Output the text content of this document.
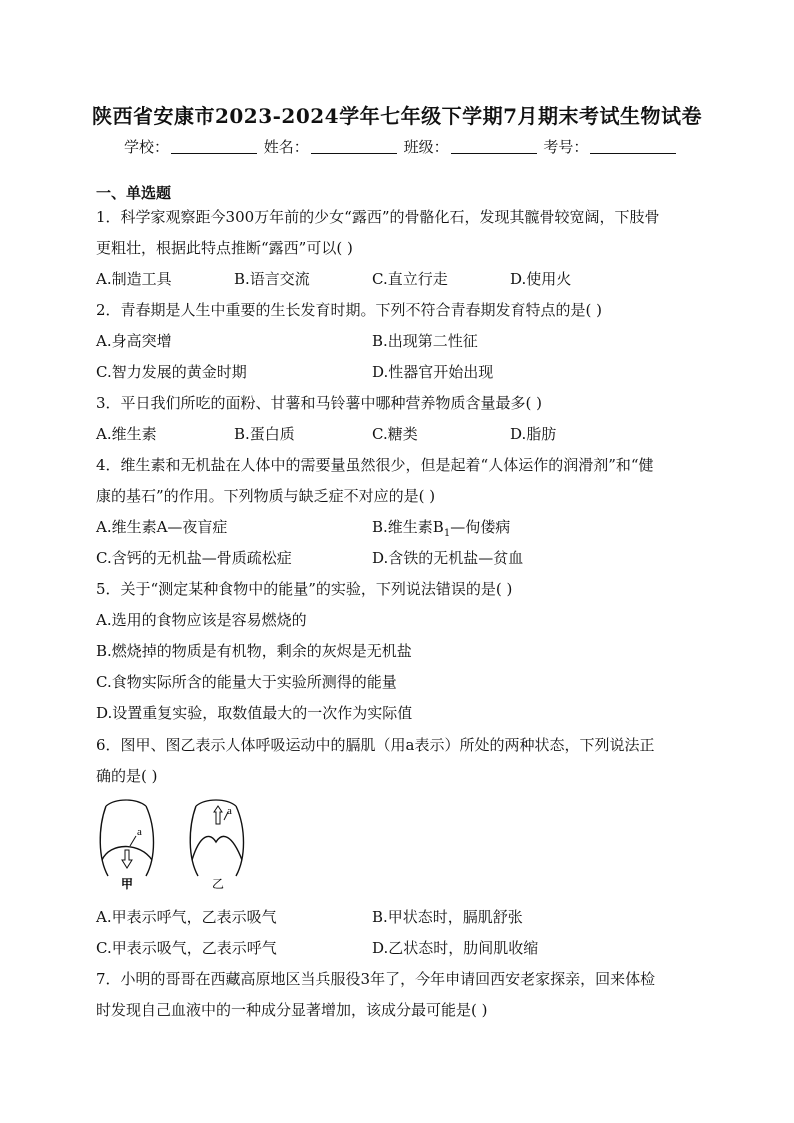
陕西省安康市2023-2024学年七年级下学期7月期末考试生物试卷
学校：	姓名：	班级：	考号：
一、单选题
1．科学家观察距今300万年前的少女“露西”的骨骼化石，发现其髋骨较宽阔，下肢骨
更粗壮，根据此特点推断“露西”可以( )
A.制造工具	B.语言交流	C.直立行走	D.使用火
2．青春期是人生中重要的生长发育时期。下列不符合青春期发育特点的是( )
A.身高突增	B.出现第二性征
C.智力发展的黄金时期	D.性器官开始出现
3．平日我们所吃的面粉、甘薯和马铃薯中哪种营养物质含量最多( )
A.维生素	B.蛋白质	C.糖类	D.脂肪
4．维生素和无机盐在人体中的需要量虽然很少，但是起着“人体运作的润滑剂”和“健
康的基石”的作用。下列物质与缺乏症不对应的是( )
A.维生素A—夜盲症	B.维生素$B_1—$佝偻病
C.含钙的无机盐—骨质疏松症	D.含铁的无机盐—贫血
5．关于“测定某种食物中的能量”的实验，下列说法错误的是( )
A.选用的食物应该是容易燃烧的
B.燃烧掉的物质是有机物，剩余的灰烬是无机盐
C.食物实际所含的能量大于实验所测得的能量
D.设置重复实验，取数值最大的一次作为实际值
6．图甲、图乙表示人体呼吸运动中的膈肌（用a表示）所处的两种状态，下列说法正
确的是( )
a
甲
a
乙
A.甲表示呼气，乙表示吸气	B.甲状态时，膈肌舒张
C.甲表示吸气，乙表示呼气	D.乙状态时，肋间肌收缩
7．小明的哥哥在西藏高原地区当兵服役3年了，今年申请回西安老家探亲，回来体检
时发现自己血液中的一种成分显著增加，该成分最可能是( )
